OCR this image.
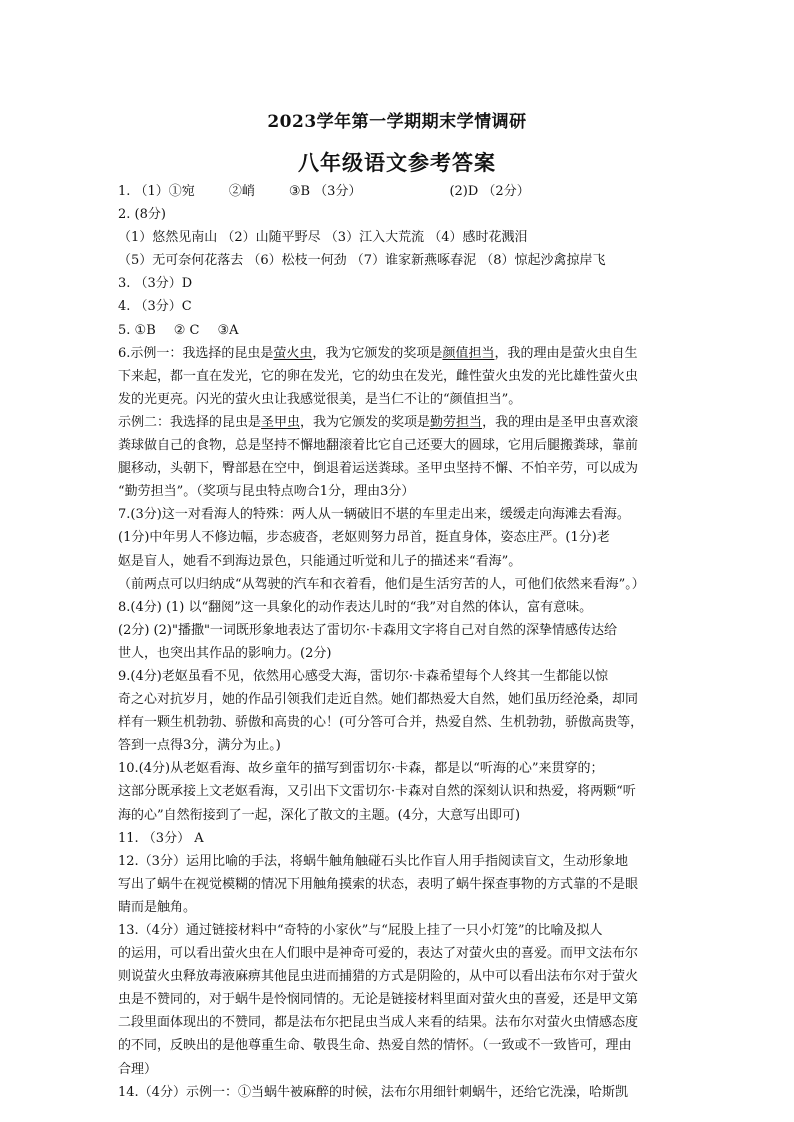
2023学年第一学期期末学情调研
八年级语文参考答案
1. （1）①宛	②峭	③B （3分）	(2)D （2分）
2. (8分)
（1）悠然见南山 （2）山随平野尽 （3）江入大荒流 （4）感时花溅泪
（5）无可奈何花落去 （6）松枝一何劲 （7）谁家新燕啄春泥 （8）惊起沙禽掠岸飞
3. （3分）D
4. （3分）C
5. ①B ② C ③A
6.示例一：我选择的昆虫是萤火虫，我为它颁发的奖项是颜值担当，我的理由是萤火虫自生
下来起，都一直在发光，它的卵在发光，它的幼虫在发光，雌性萤火虫发的光比雄性萤火虫
发的光更亮。闪光的萤火虫让我感觉很美，是当仁不让的“颜值担当”。
示例二：我选择的昆虫是圣甲虫，我为它颁发的奖项是勤劳担当，我的理由是圣甲虫喜欢滚
粪球做自己的食物，总是坚持不懈地翻滚着比它自己还要大的圆球，它用后腿搬粪球，靠前
腿移动，头朝下，臀部悬在空中，倒退着运送粪球。圣甲虫坚持不懈、不怕辛劳，可以成为
“勤劳担当”。（奖项与昆虫特点吻合1分，理由3分）
7.(3分)这一对看海人的特殊：两人从一辆破旧不堪的车里走出来，缓缓走向海滩去看海。
(1分)中年男人不修边幅，步态疲沓，老妪则努力昂首，挺直身体，姿态庄严。(1分)老
妪是盲人，她看不到海边景色，只能通过听觉和儿子的描述来“看海”。
（前两点可以归纳成“从驾驶的汽车和衣着看，他们是生活穷苦的人，可他们依然来看海”。）
8.(4分) (1) 以“翻阅”这一具象化的动作表达儿时的“我”对自然的体认，富有意味。
(2分) (2)"播撒"一词既形象地表达了雷切尔·卡森用文字将自己对自然的深挚情感传达给
世人，也突出其作品的影响力。(2分)
9.(4分)老妪虽看不见，依然用心感受大海，雷切尔·卡森希望每个人终其一生都能以惊
奇之心对抗岁月，她的作品引领我们走近自然。她们都热爱大自然，她们虽历经沧桑，却同
样有一颗生机勃勃、骄傲和高贵的心！(可分答可合并，热爱自然、生机勃勃，骄傲高贵等，
答到一点得3分，满分为止。)
10.(4分)从老妪看海、故乡童年的描写到雷切尔·卡森，都是以“听海的心”来贯穿的；
这部分既承接上文老妪看海，又引出下文雷切尔·卡森对自然的深刻认识和热爱，将两颗“听
海的心”自然衔接到了一起，深化了散文的主题。(4分，大意写出即可)
11. （3分） A
12.（3分）运用比喻的手法，将蜗牛触角触碰石头比作盲人用手指阅读盲文，生动形象地
写出了蜗牛在视觉模糊的情况下用触角摸索的状态，表明了蜗牛探查事物的方式靠的不是眼
睛而是触角。
13.（4分）通过链接材料中“奇特的小家伙”与“屁股上挂了一只小灯笼”的比喻及拟人
的运用，可以看出萤火虫在人们眼中是神奇可爱的，表达了对萤火虫的喜爱。而甲文法布尔
则说萤火虫释放毒液麻痹其他昆虫进而捕猎的方式是阴险的，从中可以看出法布尔对于萤火
虫是不赞同的，对于蜗牛是怜悯同情的。无论是链接材料里面对萤火虫的喜爱，还是甲文第
二段里面体现出的不赞同，都是法布尔把昆虫当成人来看的结果。法布尔对萤火虫情感态度
的不同，反映出的是他尊重生命、敬畏生命、热爱自然的情怀。（一致或不一致皆可，理由
合理）
14.（4分）示例一：①当蜗牛被麻醉的时候，法布尔用细针刺蜗牛，还给它洗澡，哈斯凯
